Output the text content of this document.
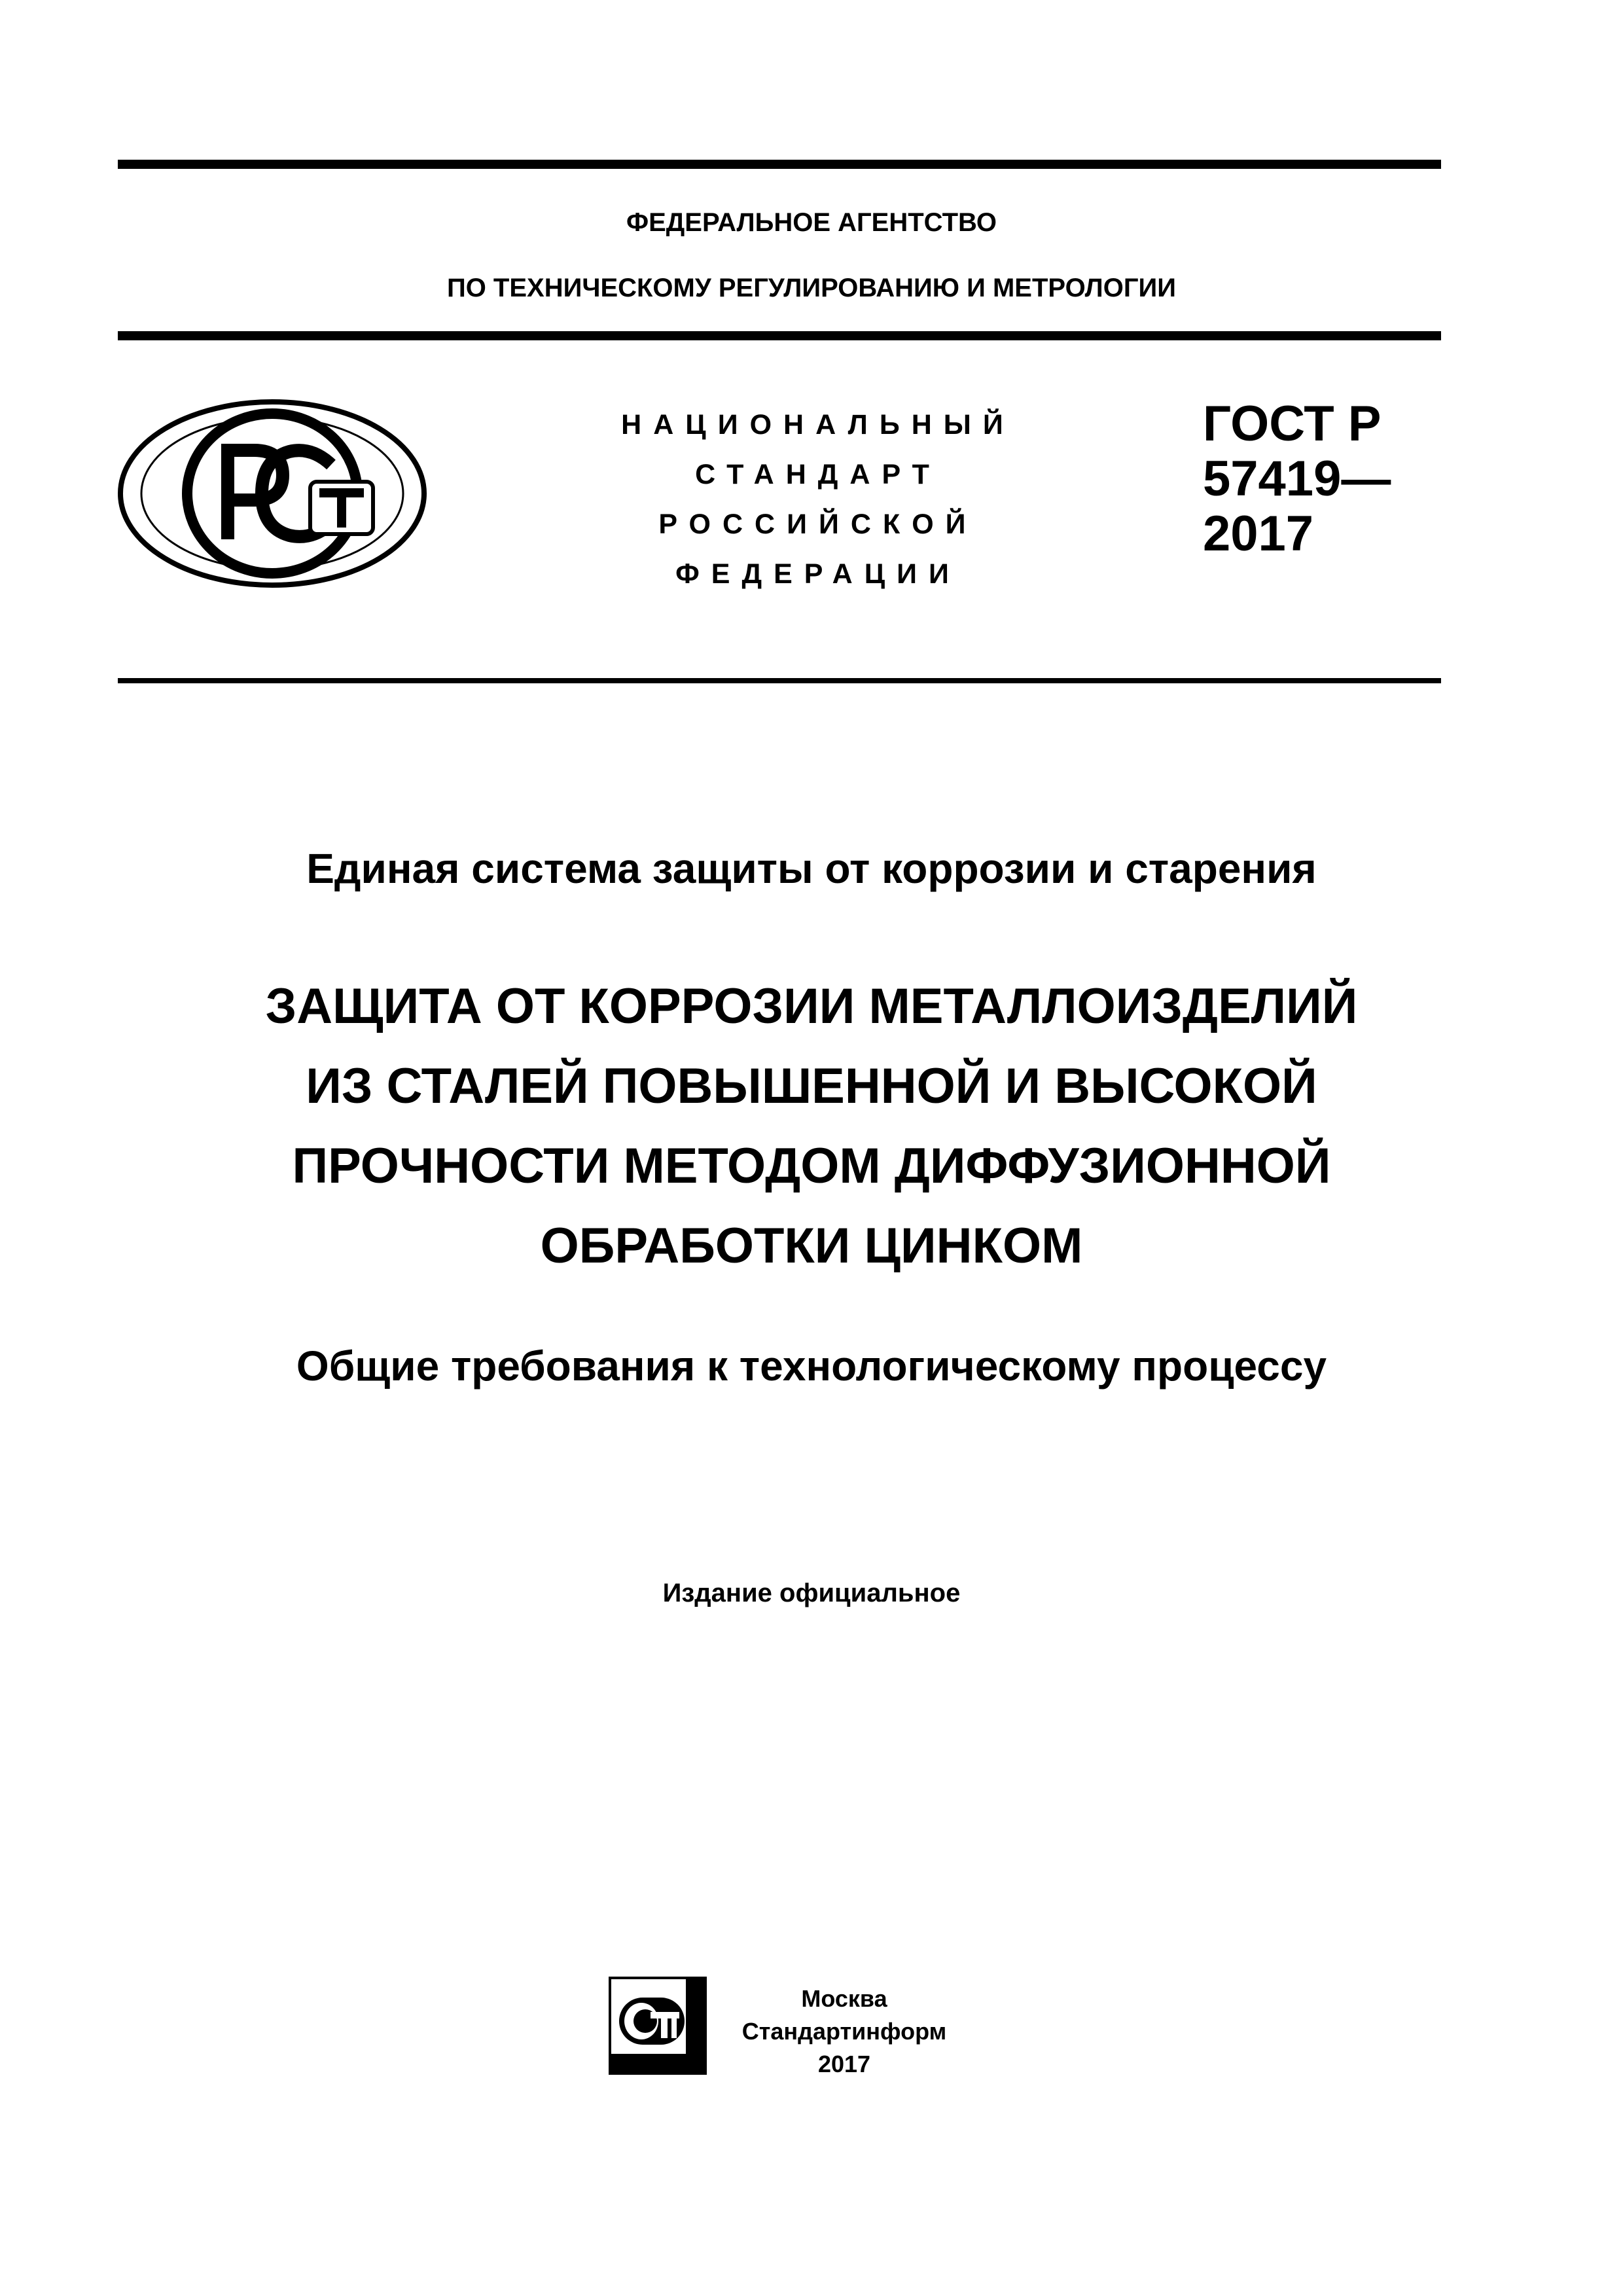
ФЕДЕРАЛЬНОЕ АГЕНТСТВО
ПО ТЕХНИЧЕСКОМУ РЕГУЛИРОВАНИЮ И МЕТРОЛОГИИ
НАЦИОНАЛЬНЫЙ
СТАНДАРТ
РОССИЙСКОЙ
ФЕДЕРАЦИИ
ГОСТ Р
57419—
2017
Единая система защиты от коррозии и старения
ЗАЩИТА ОТ КОРРОЗИИ МЕТАЛЛОИЗДЕЛИЙ
ИЗ СТАЛЕЙ ПОВЫШЕННОЙ И ВЫСОКОЙ
ПРОЧНОСТИ МЕТОДОМ ДИФФУЗИОННОЙ
ОБРАБОТКИ ЦИНКОМ
Общие требования к технологическому процессу
Издание официальное
Москва
Стандартинформ
2017
